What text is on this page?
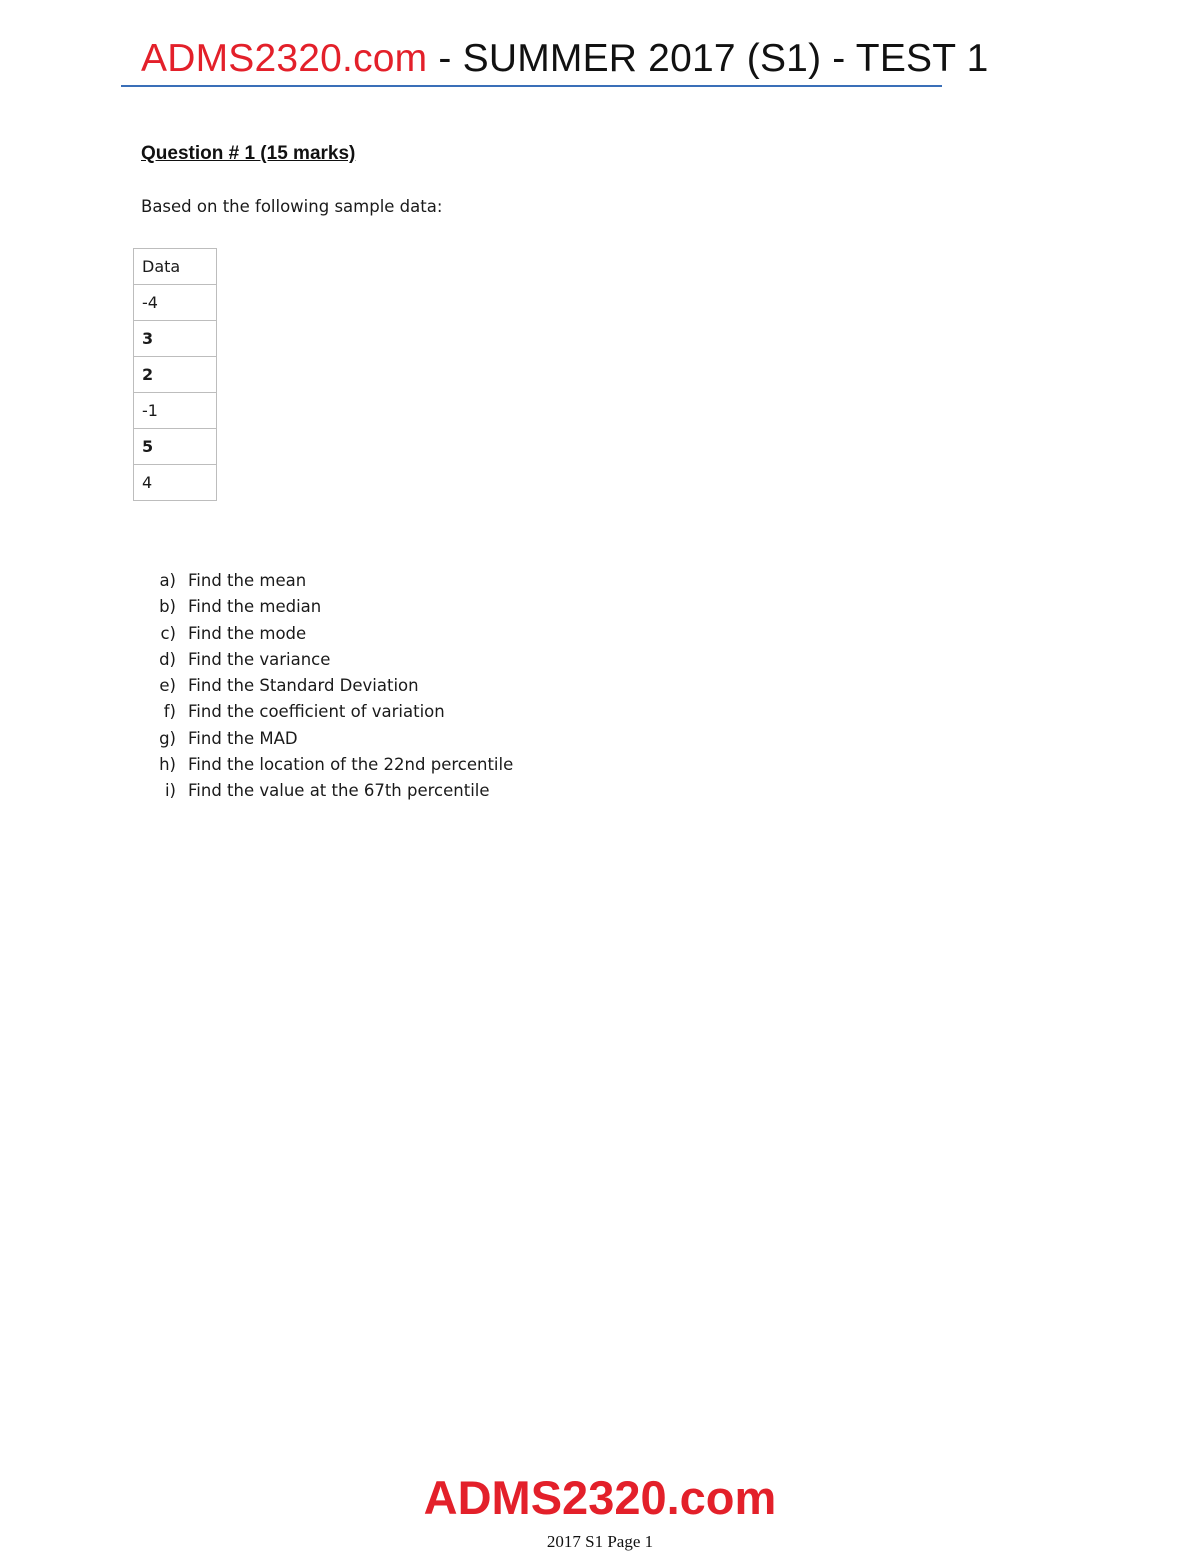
ADMS2320.com - SUMMER 2017 (S1) - TEST 1
Question # 1 (15 marks)
Based on the following sample data:
Data
-4
3
2
-1
5
4
a) Find the mean
b) Find the median
c) Find the mode
d) Find the variance
e) Find the Standard Deviation
f) Find the coefficient of variation
g) Find the MAD
h) Find the location of the 22nd percentile
i) Find the value at the 67th percentile
ADMS2320.com
2017 S1 Page 1
